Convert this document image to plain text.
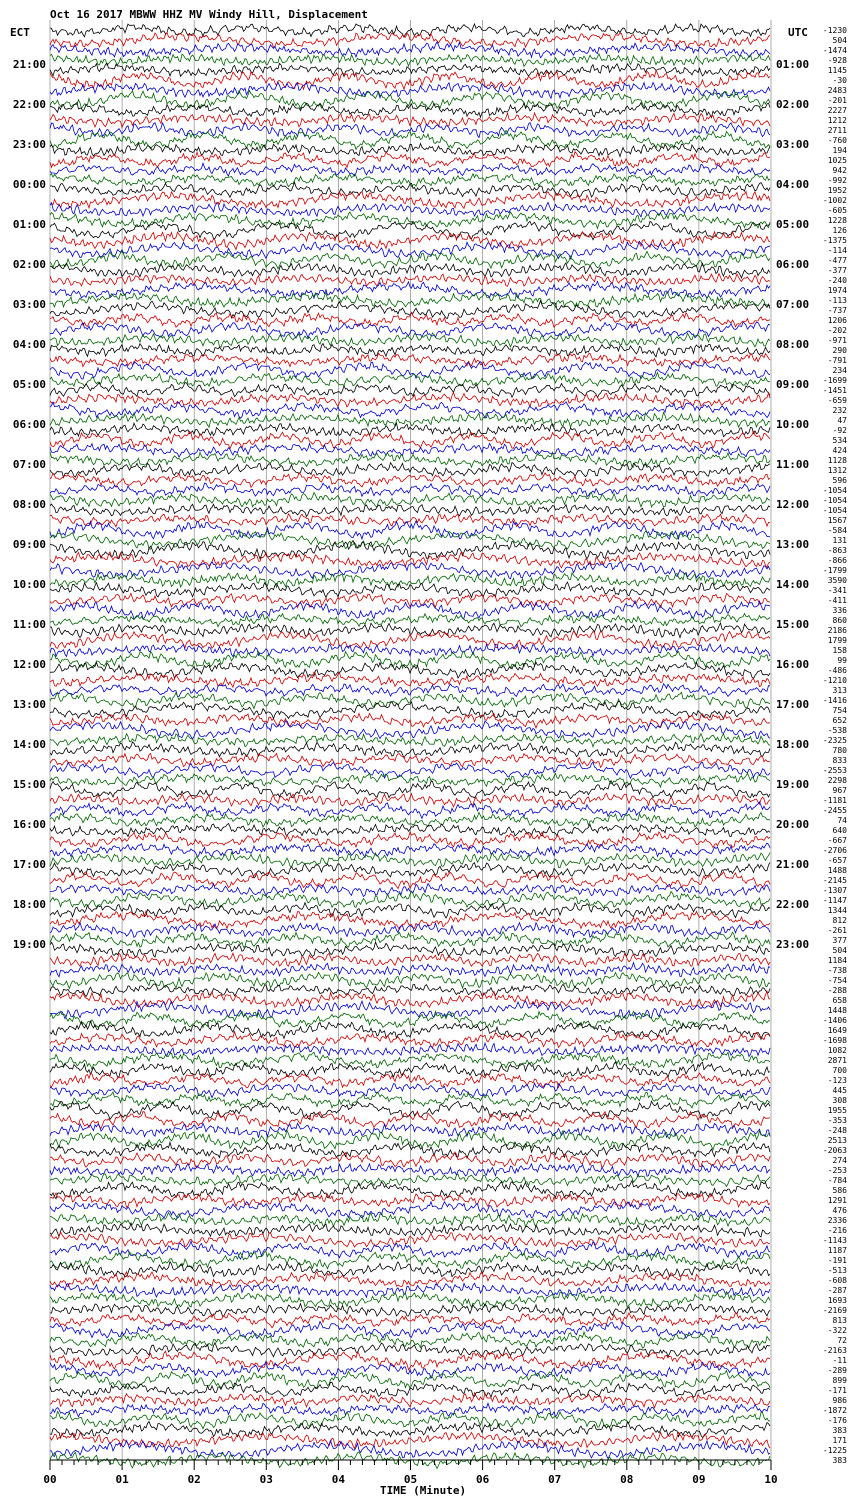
Oct 16 2017 MBWW HHZ MV Windy Hill, Displacement
ECT	UTC
TIME (Minute)
00	01	02	03	04	05	06	07	08	09	10
21:00
22:00
23:00
00:00
01:00
02:00
03:00
04:00
05:00
06:00
07:00
08:00
09:00
10:00
11:00
12:00
13:00
14:00
15:00
16:00
17:00
18:00
19:00
01:00
02:00
03:00
04:00
05:00
06:00
07:00
08:00
09:00
10:00
11:00
12:00
13:00
14:00
15:00
16:00
17:00
18:00
19:00
20:00
21:00
22:00
23:00
-1230
504
-1474
-928
1145
-30
2483
-201
2227
1212
2711
-760
194
1025
942
-992
1952
-1002
-605
1228
126
-1375
-114
-477
-377
-240
1974
-113
-737
1206
-202
-971
290
-791
234
-1699
-1451
-659
232
47
-92
534
424
1128
1312
596
-1054
-1054
-1054
1567
-584
131
-863
-866
-1799
3590
-341
-411
336
860
2186
1799
158
99
-486
-1210
313
-1416
754
652
-538
-2325
780
833
-2553
2298
967
-1181
-2455
74
640
-667
-2706
-657
1488
-2145
-1307
-1147
1344
812
-261
377
504
1184
-738
-754
-288
658
1448
-1406
1649
-1698
1082
2871
700
-123
445
308
1955
-353
-248
2513
-2063
274
-253
-784
586
1291
476
2336
-216
-1143
1187
-191
-513
-608
-287
1693
-2169
813
-322
72
-2163
-11
-289
899
-171
986
-1872
-176
383
171
-1225
383
